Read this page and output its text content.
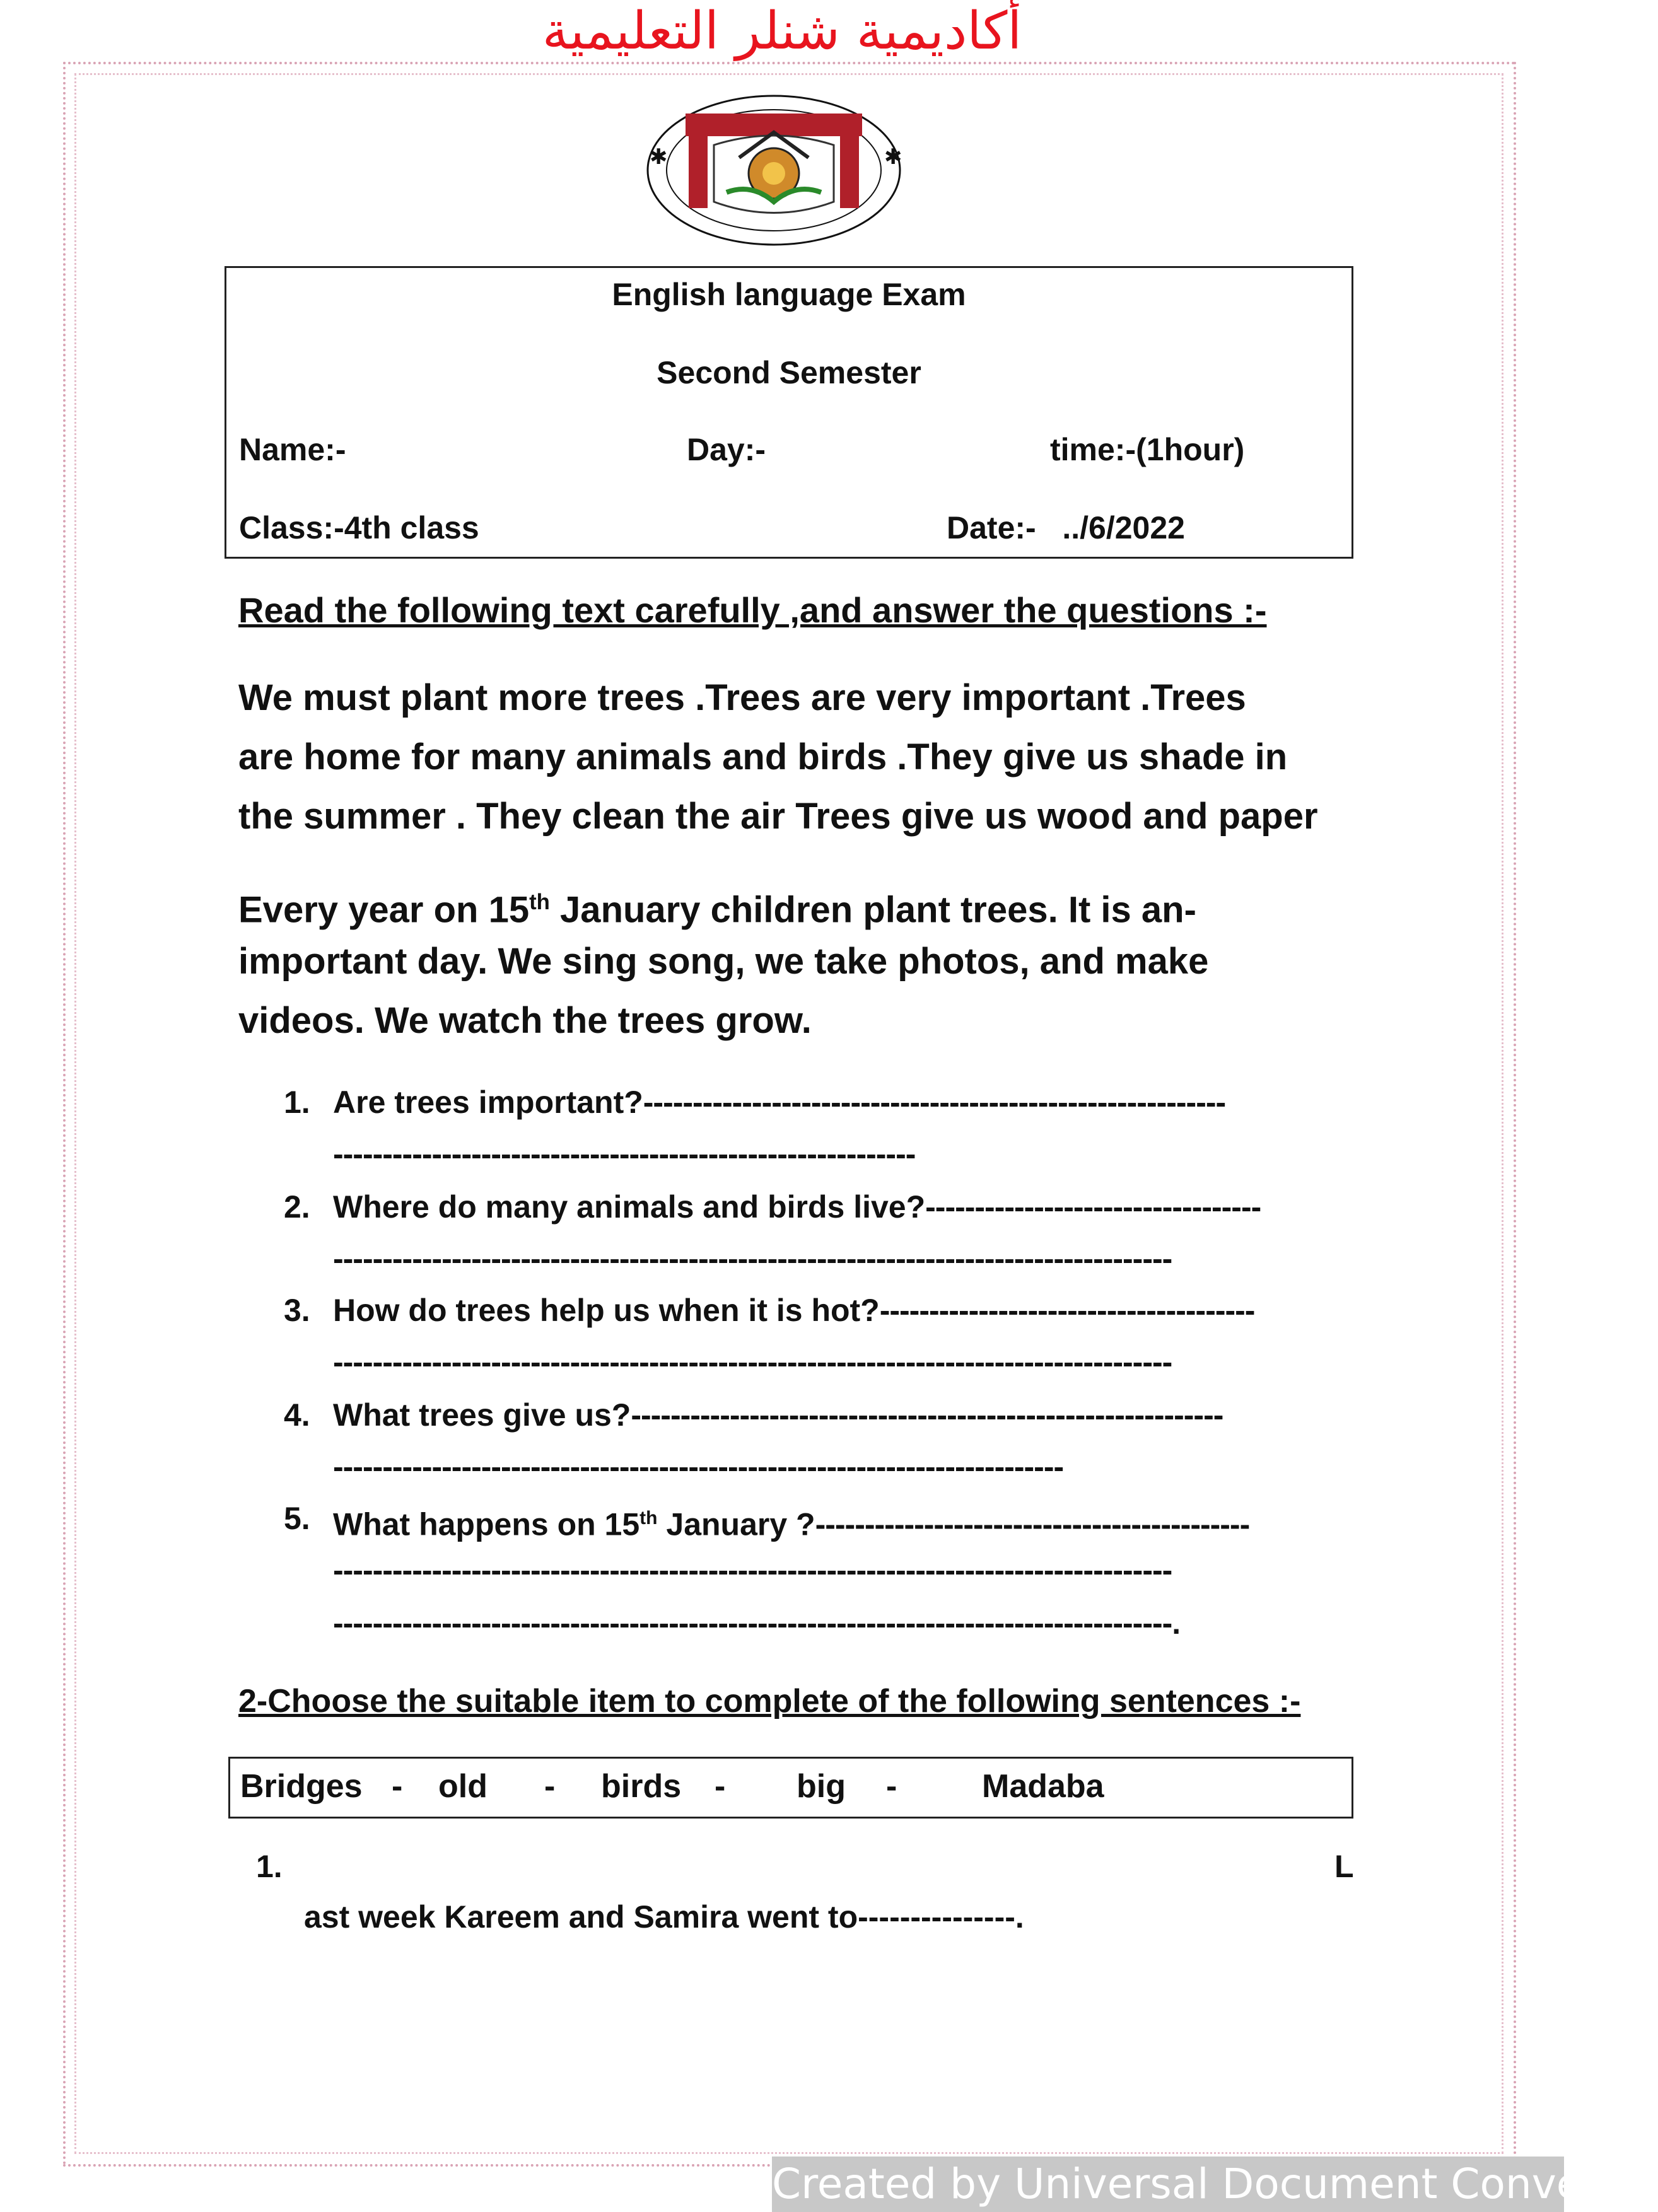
أكاديمية شنلر التعليمية
✱	✱
English language Exam
Second Semester
Name:-	Day:-	time:-(1hour)
Class:-4th class	Date:-   ../6/2022
Read the following text carefully ,and answer the questions :-
We must plant more trees .Trees are very important .Trees
are home for many animals and birds .They give us shade in
the summer . They clean the air Trees give us wood and paper
Every year on 15th January children plant trees. It is an-
important day. We sing song, we take photos, and make
videos. We watch the trees grow.
1. Are trees important?-----------------------------------------------------------
-----------------------------------------------------------
2. Where do many animals and birds live?----------------------------------
-------------------------------------------------------------------------------------
3. How do trees help us when it is hot?--------------------------------------
-------------------------------------------------------------------------------------
4. What trees give us?------------------------------------------------------------
--------------------------------------------------------------------------
5. What happens on 15th January ?--------------------------------------------
-------------------------------------------------------------------------------------
-------------------------------------------------------------------------------------.
2-Choose the suitable item to complete of the following sentences :-
Bridges - old - birds - big -	Madaba
1.	L
ast week Kareem and Samira went to---------------.
Created by Universal Document Converter
